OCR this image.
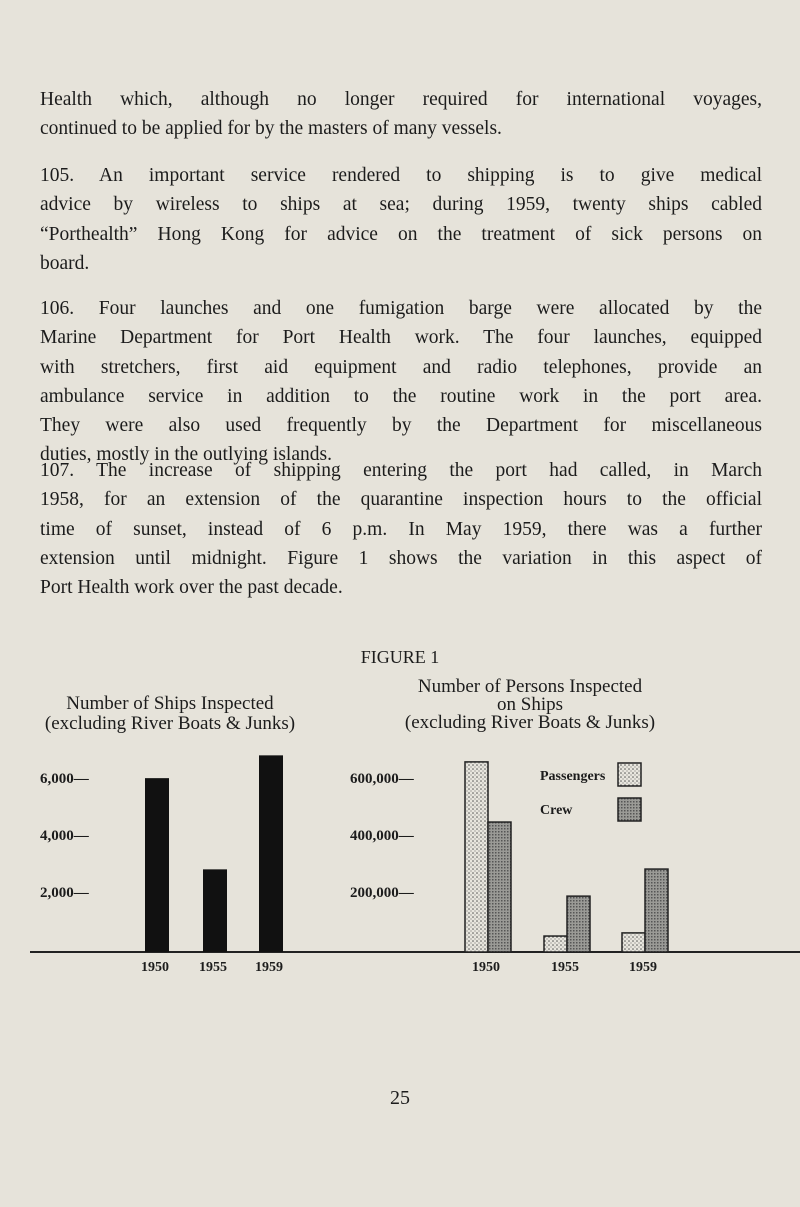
Health which, although no longer required for international voyages,
continued to be applied for by the masters of many vessels.
105. An important service rendered to shipping is to give medical
advice by wireless to ships at sea; during 1959, twenty ships cabled
“Porthealth” Hong Kong for advice on the treatment of sick persons on
board.
106. Four launches and one fumigation barge were allocated by the
Marine Department for Port Health work. The four launches, equipped
with stretchers, first aid equipment and radio telephones, provide an
ambulance service in addition to the routine work in the port area.
They were also used frequently by the Department for miscellaneous
duties, mostly in the outlying islands.
107. The increase of shipping entering the port had called, in March
1958, for an extension of the quarantine inspection hours to the official
time of sunset, instead of 6 p.m. In May 1959, there was a further
extension until midnight. Figure 1 shows the variation in this aspect of
Port Health work over the past decade.
FIGURE 1
Number of Ships Inspected
(excluding River Boats & Junks)
Number of Persons Inspected
on Ships
(excluding River Boats & Junks)
1950 1955 1959
6,000—
4,000—
2,000—
1950	1955	1959
600,000—
400,000—
200,000—
Passengers
Crew
25
